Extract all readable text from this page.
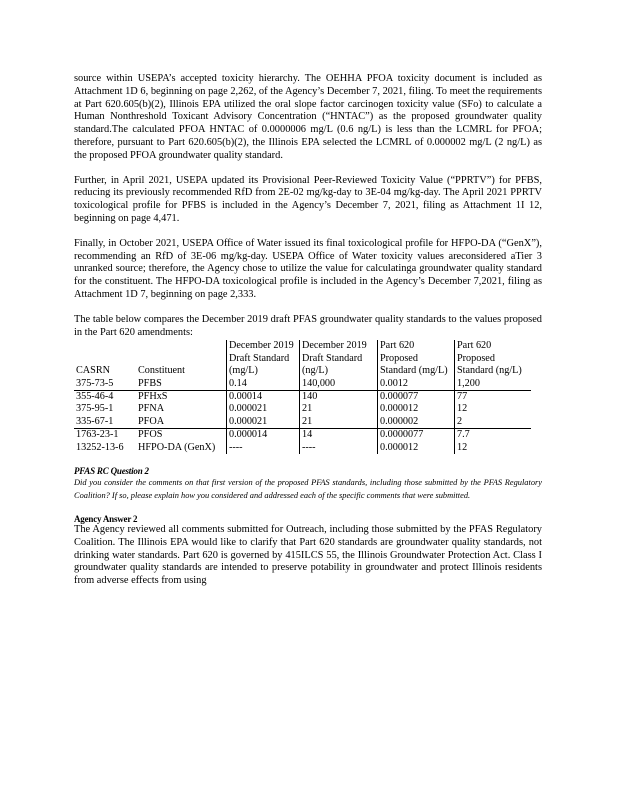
source within USEPA’s accepted toxicity hierarchy. The OEHHA PFOA toxicity document is included as Attachment 1D 6, beginning on page 2,262, of the Agency’s December 7, 2021, filing. To meet the requirements at Part 620.605(b)(2), Illinois EPA utilized the oral slope factor carcinogen toxicity value (SFo) to calculate a Human Nonthreshold Toxicant Advisory Concentration (“HNTAC”) as the proposed groundwater quality standard.The calculated PFOA HNTAC of 0.0000006 mg/L (0.6 ng/L) is less than the LCMRL for PFOA; therefore, pursuant to Part 620.605(b)(2), the Illinois EPA selected the LCMRL of 0.000002 mg/L (2 ng/L) as the proposed PFOA groundwater quality standard.

Further, in April 2021, USEPA updated its Provisional Peer-Reviewed Toxicity Value (“PPRTV”) for PFBS, reducing its previously recommended RfD from 2E-02 mg/kg-day to 3E-04 mg/kg-day. The April 2021 PPRTV toxicological profile for PFBS is included in the Agency’s December 7, 2021, filing as Attachment 1I 12, beginning on page 4,471.

Finally, in October 2021, USEPA Office of Water issued its final toxicological profile for HFPO-DA (“GenX”), recommending an RfD of 3E-06 mg/kg-day. USEPA Office of Water toxicity values areconsidered aTier 3 unranked source; therefore, the Agency chose to utilize the value for calculatinga groundwater quality standard for the constituent. The HFPO-DA toxicological profile is included in the Agency’s December 7,2021, filing as Attachment 1D 7, beginning on page 2,333.

The table below compares the December 2019 draft PFAS groundwater quality standards to the values proposed in the Part 620 amendments:

CASRN	Constituent	December 2019 Draft Standard (mg/L)	December 2019 Draft Standard (ng/L)	Part 620 Proposed Standard (mg/L)	Part 620 Proposed Standard (ng/L)
375-73-5	PFBS	0.14	140,000	0.0012	1,200
355-46-4	PFHxS	0.00014	140	0.000077	77
375-95-1	PFNA	0.000021	21	0.000012	12
335-67-1	PFOA	0.000021	21	0.000002	2
1763-23-1	PFOS	0.000014	14	0.0000077	7.7
13252-13-6	HFPO-DA (GenX)	----	----	0.000012	12
PFAS RC Question 2

Did you consider the comments on that first version of the proposed PFAS standards, including those submitted by the PFAS Regulatory Coalition? If so, please explain how you considered and addressed each of the specific comments that were submitted.

Agency Answer 2

The Agency reviewed all comments submitted for Outreach, including those submitted by the PFAS Regulatory Coalition. The Illinois EPA would like to clarify that Part 620 standards are groundwater quality standards, not drinking water standards. Part 620 is governed by 415ILCS 55, the Illinois Groundwater Protection Act. Class I groundwater quality standards are intended to preserve potability in groundwater and protect Illinois residents from adverse effects from using
